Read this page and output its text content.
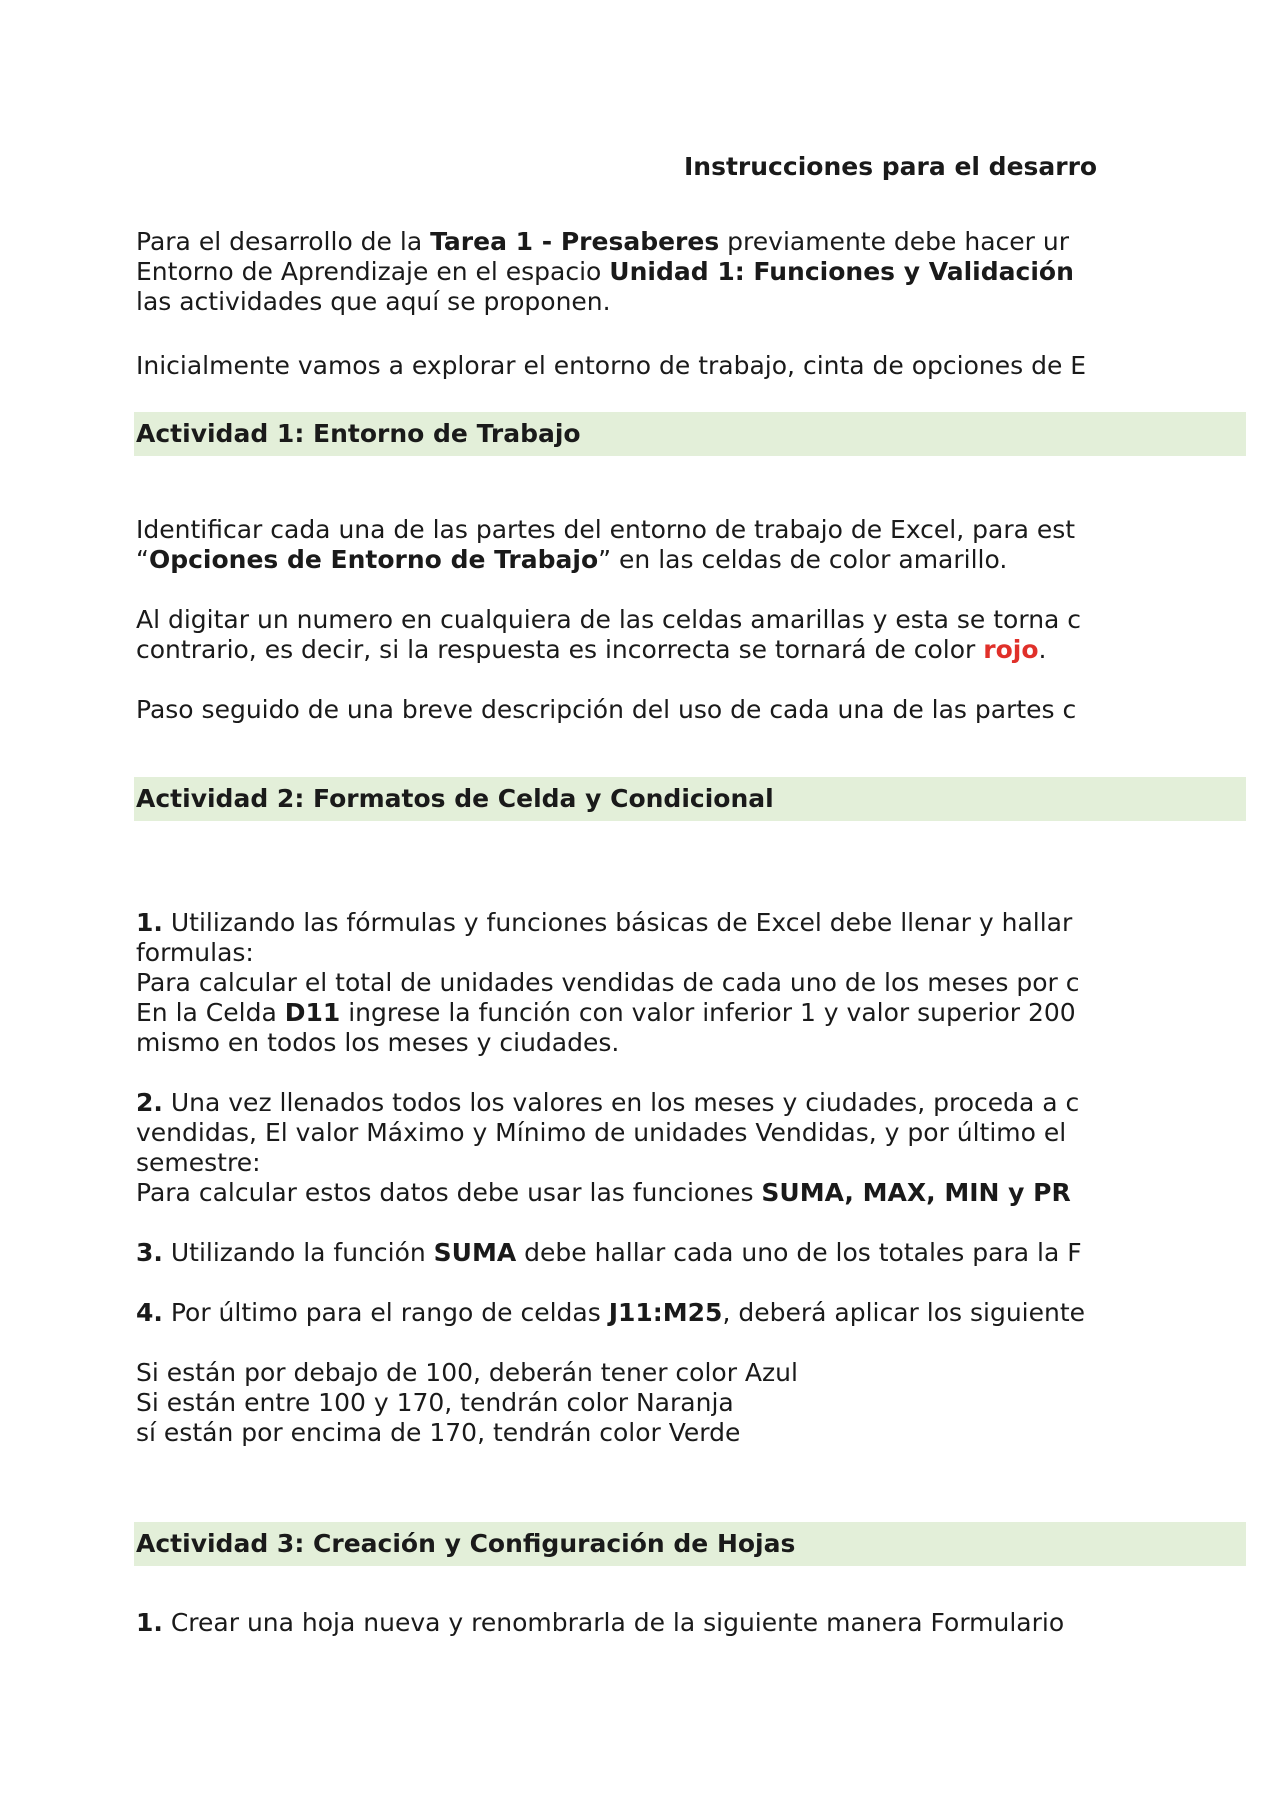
Instrucciones para el desarro
Para el desarrollo de la Tarea 1 - Presaberes previamente debe hacer ur
Entorno de Aprendizaje en el espacio Unidad 1: Funciones y Validación
las actividades que aquí se proponen.
Inicialmente vamos a explorar el entorno de trabajo, cinta de opciones de E
Actividad 1: Entorno de Trabajo
Identificar cada una de las partes del entorno de trabajo de Excel, para est
“Opciones de Entorno de Trabajo” en las celdas de color amarillo.
Al digitar un numero en cualquiera de las celdas amarillas y esta se torna c
contrario, es decir, si la respuesta es incorrecta se tornará de color rojo.
Paso seguido de una breve descripción del uso de cada una de las partes c
Actividad 2: Formatos de Celda y Condicional
1. Utilizando las fórmulas y funciones básicas de Excel debe llenar y hallar
formulas:
Para calcular el total de unidades vendidas de cada uno de los meses por c
En la Celda D11 ingrese la función con valor inferior 1 y valor superior 200
mismo en todos los meses y ciudades.
2. Una vez llenados todos los valores en los meses y ciudades, proceda a c
vendidas, El valor Máximo y Mínimo de unidades Vendidas, y por último el
semestre:
Para calcular estos datos debe usar las funciones SUMA, MAX, MIN y PR
3. Utilizando la función SUMA debe hallar cada uno de los totales para la F
4. Por último para el rango de celdas J11:M25, deberá aplicar los siguiente
Si están por debajo de 100, deberán tener color Azul
Si están entre 100 y 170, tendrán color Naranja
sí están por encima de 170, tendrán color Verde
Actividad 3: Creación y Configuración de Hojas
1. Crear una hoja nueva y renombrarla de la siguiente manera Formulario
